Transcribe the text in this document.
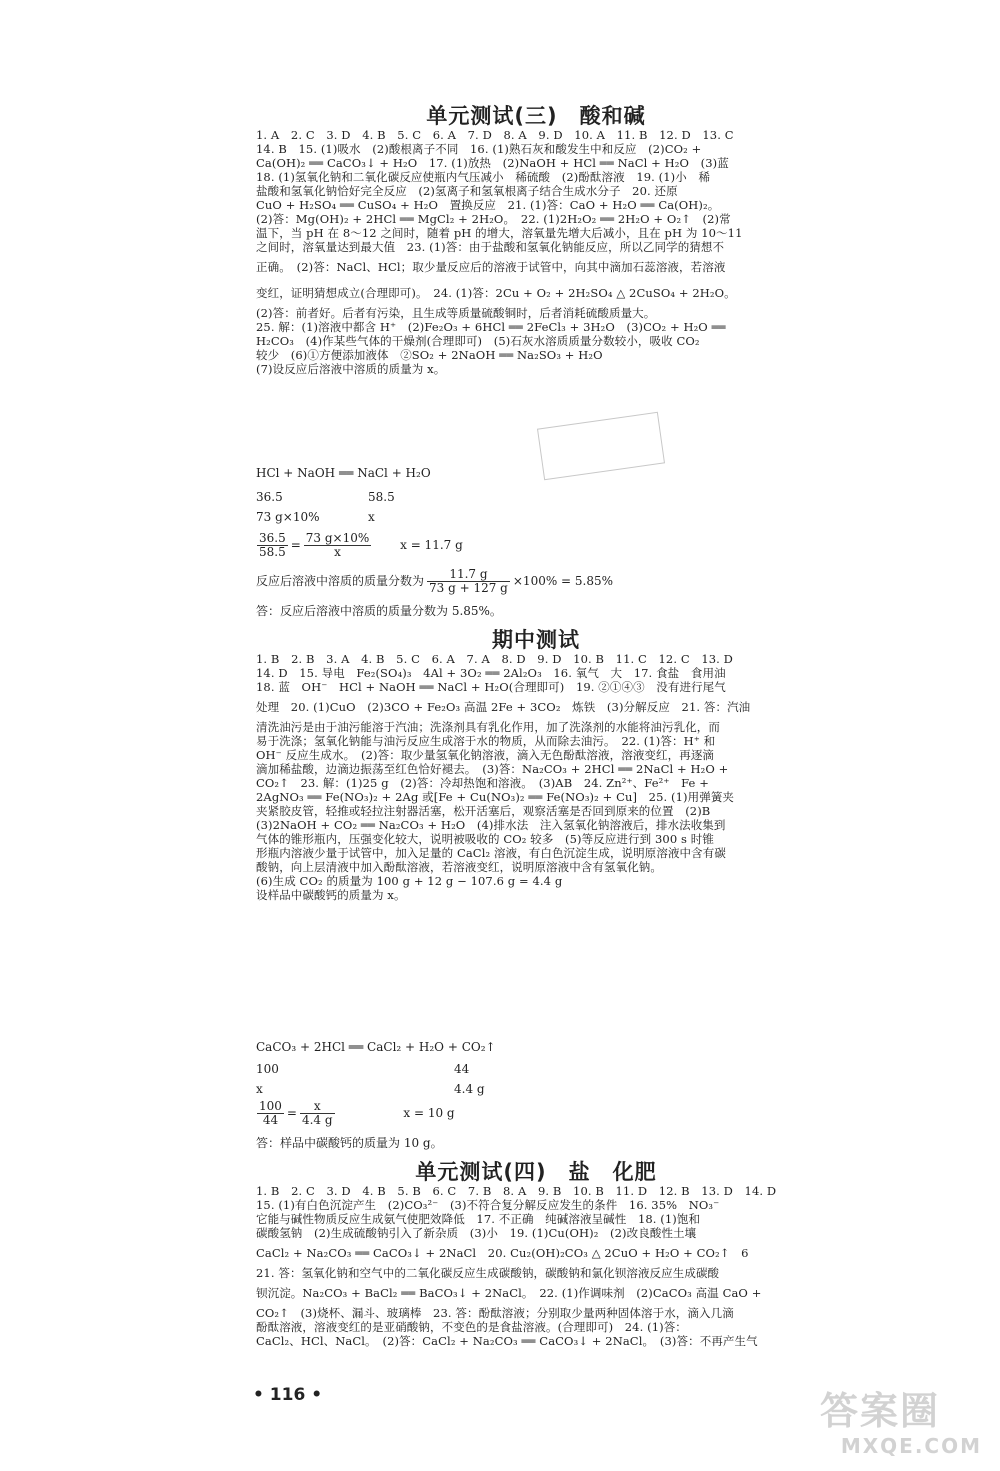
单元测试(三)　酸和碱

1. A　2. C　3. D　4. B　5. C　6. A　7. D　8. A　9. D　10. A　11. B　12. D　13. C

14. B　15. (1)吸水　(2)酸根离子不同　16. (1)熟石灰和酸发生中和反应　(2)CO₂ +

Ca(OH)₂ ══ CaCO₃↓ + H₂O　17. (1)放热　(2)NaOH + HCl ══ NaCl + H₂O　(3)蓝

18. (1)氢氧化钠和二氧化碳反应使瓶内气压减小　稀硫酸　(2)酚酞溶液　19. (1)小　稀

盐酸和氢氧化钠恰好完全反应　(2)氢离子和氢氧根离子结合生成水分子　20. 还原

CuO + H₂SO₄ ══ CuSO₄ + H₂O　置换反应　21. (1)答：CaO + H₂O ══ Ca(OH)₂。

(2)答：Mg(OH)₂ + 2HCl ══ MgCl₂ + 2H₂O。　22. (1)2H₂O₂ ══ 2H₂O + O₂↑　(2)常

温下，当 pH 在 8～12 之间时，随着 pH 的增大，溶氧量先增大后减小，且在 pH 为 10～11

之间时，溶氧量达到最大值　23. (1)答：由于盐酸和氢氧化钠能反应，所以乙同学的猜想不

正确。　(2)答：NaCl、HCl；取少量反应后的溶液于试管中，向其中滴加石蕊溶液，若溶液

变红，证明猜想成立(合理即可)。　24. (1)答：2Cu + O₂ + 2H₂SO₄ △ 2CuSO₄ + 2H₂O。

(2)答：前者好。后者有污染，且生成等质量硫酸铜时，后者消耗硫酸质量大。

25. 解：(1)溶液中都含 H⁺　(2)Fe₂O₃ + 6HCl ══ 2FeCl₃ + 3H₂O　(3)CO₂ + H₂O ══

H₂CO₃　(4)作某些气体的干燥剂(合理即可)　(5)石灰水溶质质量分数较小，吸收 CO₂

较少　(6)①方便添加液体　②SO₂ + 2NaOH ══ Na₂SO₃ + H₂O

(7)设反应后溶液中溶质的质量为 x。

HCl + NaOH ══ NaCl + H₂O
36.5	58.5
73 g×10%	x
$\frac{36.5}{58.5} = \frac{73 g\times 10\%}{x}$ x = 11.7 g
反应后溶液中溶质的质量分数为 $\frac{11.7 g}{73 g + 127 g} \times 100\% = 5.85\%$
答：反应后溶液中溶质的质量分数为 5.85%。
期中测试

1. B　2. B　3. A　4. B　5. C　6. A　7. A　8. D　9. D　10. B　11. C　12. C　13. D

14. D　15. 导电　Fe₂(SO₄)₃　4Al + 3O₂ ══ 2Al₂O₃　16. 氧气　大　17. 食盐　食用油

18. 蓝　OH⁻　HCl + NaOH ══ NaCl + H₂O(合理即可)　19. ②①④③　没有进行尾气

处理　20. (1)CuO　(2)3CO + Fe₂O₃ 高温 2Fe + 3CO₂　炼铁　(3)分解反应　21. 答：汽油

清洗油污是由于油污能溶于汽油；洗涤剂具有乳化作用，加了洗涤剂的水能将油污乳化，而

易于洗涤；氢氧化钠能与油污反应生成溶于水的物质，从而除去油污。　22. (1)答：H⁺ 和

OH⁻ 反应生成水。　(2)答：取少量氢氧化钠溶液，滴入无色酚酞溶液，溶液变红，再逐滴

滴加稀盐酸，边滴边振荡至红色恰好褪去。　(3)答：Na₂CO₃ + 2HCl ══ 2NaCl + H₂O +

CO₂↑　23. 解：(1)25 g　(2)答：冷却热饱和溶液。　(3)AB　24. Zn²⁺、Fe²⁺　Fe +

2AgNO₃ ══ Fe(NO₃)₂ + 2Ag 或[Fe + Cu(NO₃)₂ ══ Fe(NO₃)₂ + Cu]　25. (1)用弹簧夹

夹紧胶皮管，轻推或轻拉注射器活塞，松开活塞后，观察活塞是否回到原来的位置　(2)B

(3)2NaOH + CO₂ ══ Na₂CO₃ + H₂O　(4)排水法　注入氢氧化钠溶液后，排水法收集到

气体的锥形瓶内，压强变化较大，说明被吸收的 CO₂ 较多　(5)等反应进行到 300 s 时锥

形瓶内溶液少量于试管中，加入足量的 CaCl₂ 溶液，有白色沉淀生成，说明原溶液中含有碳

酸钠，向上层清液中加入酚酞溶液，若溶液变红，说明原溶液中含有氢氧化钠。

(6)生成 CO₂ 的质量为 100 g + 12 g − 107.6 g = 4.4 g

设样品中碳酸钙的质量为 x。

CaCO₃ + 2HCl ══ CaCl₂ + H₂O + CO₂↑
100	44
x	4.4 g
$\frac{100}{44} = \frac{x}{4.4 g}$	x = 10 g
答：样品中碳酸钙的质量为 10 g。
单元测试(四)　盐　化肥

1. B　2. C　3. D　4. B　5. B　6. C　7. B　8. A　9. B　10. B　11. D　12. B　13. D　14. D

15. (1)有白色沉淀产生　(2)CO₃²⁻　(3)不符合复分解反应发生的条件　16. 35%　NO₃⁻

它能与碱性物质反应生成氨气使肥效降低　17. 不正确　纯碱溶液呈碱性　18. (1)饱和

碳酸氢钠　(2)生成硫酸钠引入了新杂质　(3)小　19. (1)Cu(OH)₂　(2)改良酸性土壤

CaCl₂ + Na₂CO₃ ══ CaCO₃↓ + 2NaCl　20. Cu₂(OH)₂CO₃ △ 2CuO + H₂O + CO₂↑　6

21. 答：氢氧化钠和空气中的二氧化碳反应生成碳酸钠，碳酸钠和氯化钡溶液反应生成碳酸

钡沉淀。Na₂CO₃ + BaCl₂ ══ BaCO₃↓ + 2NaCl。　22. (1)作调味剂　(2)CaCO₃ 高温 CaO +

CO₂↑　(3)烧杯、漏斗、玻璃棒　23. 答：酚酞溶液；分别取少量两种固体溶于水，滴入几滴

酚酞溶液，溶液变红的是亚硝酸钠，不变色的是食盐溶液。(合理即可)　24. (1)答：

CaCl₂、HCl、NaCl。　(2)答：CaCl₂ + Na₂CO₃ ══ CaCO₃↓ + 2NaCl。　(3)答：不再产生气

• 116 •	答案圈
MXQE.COM
